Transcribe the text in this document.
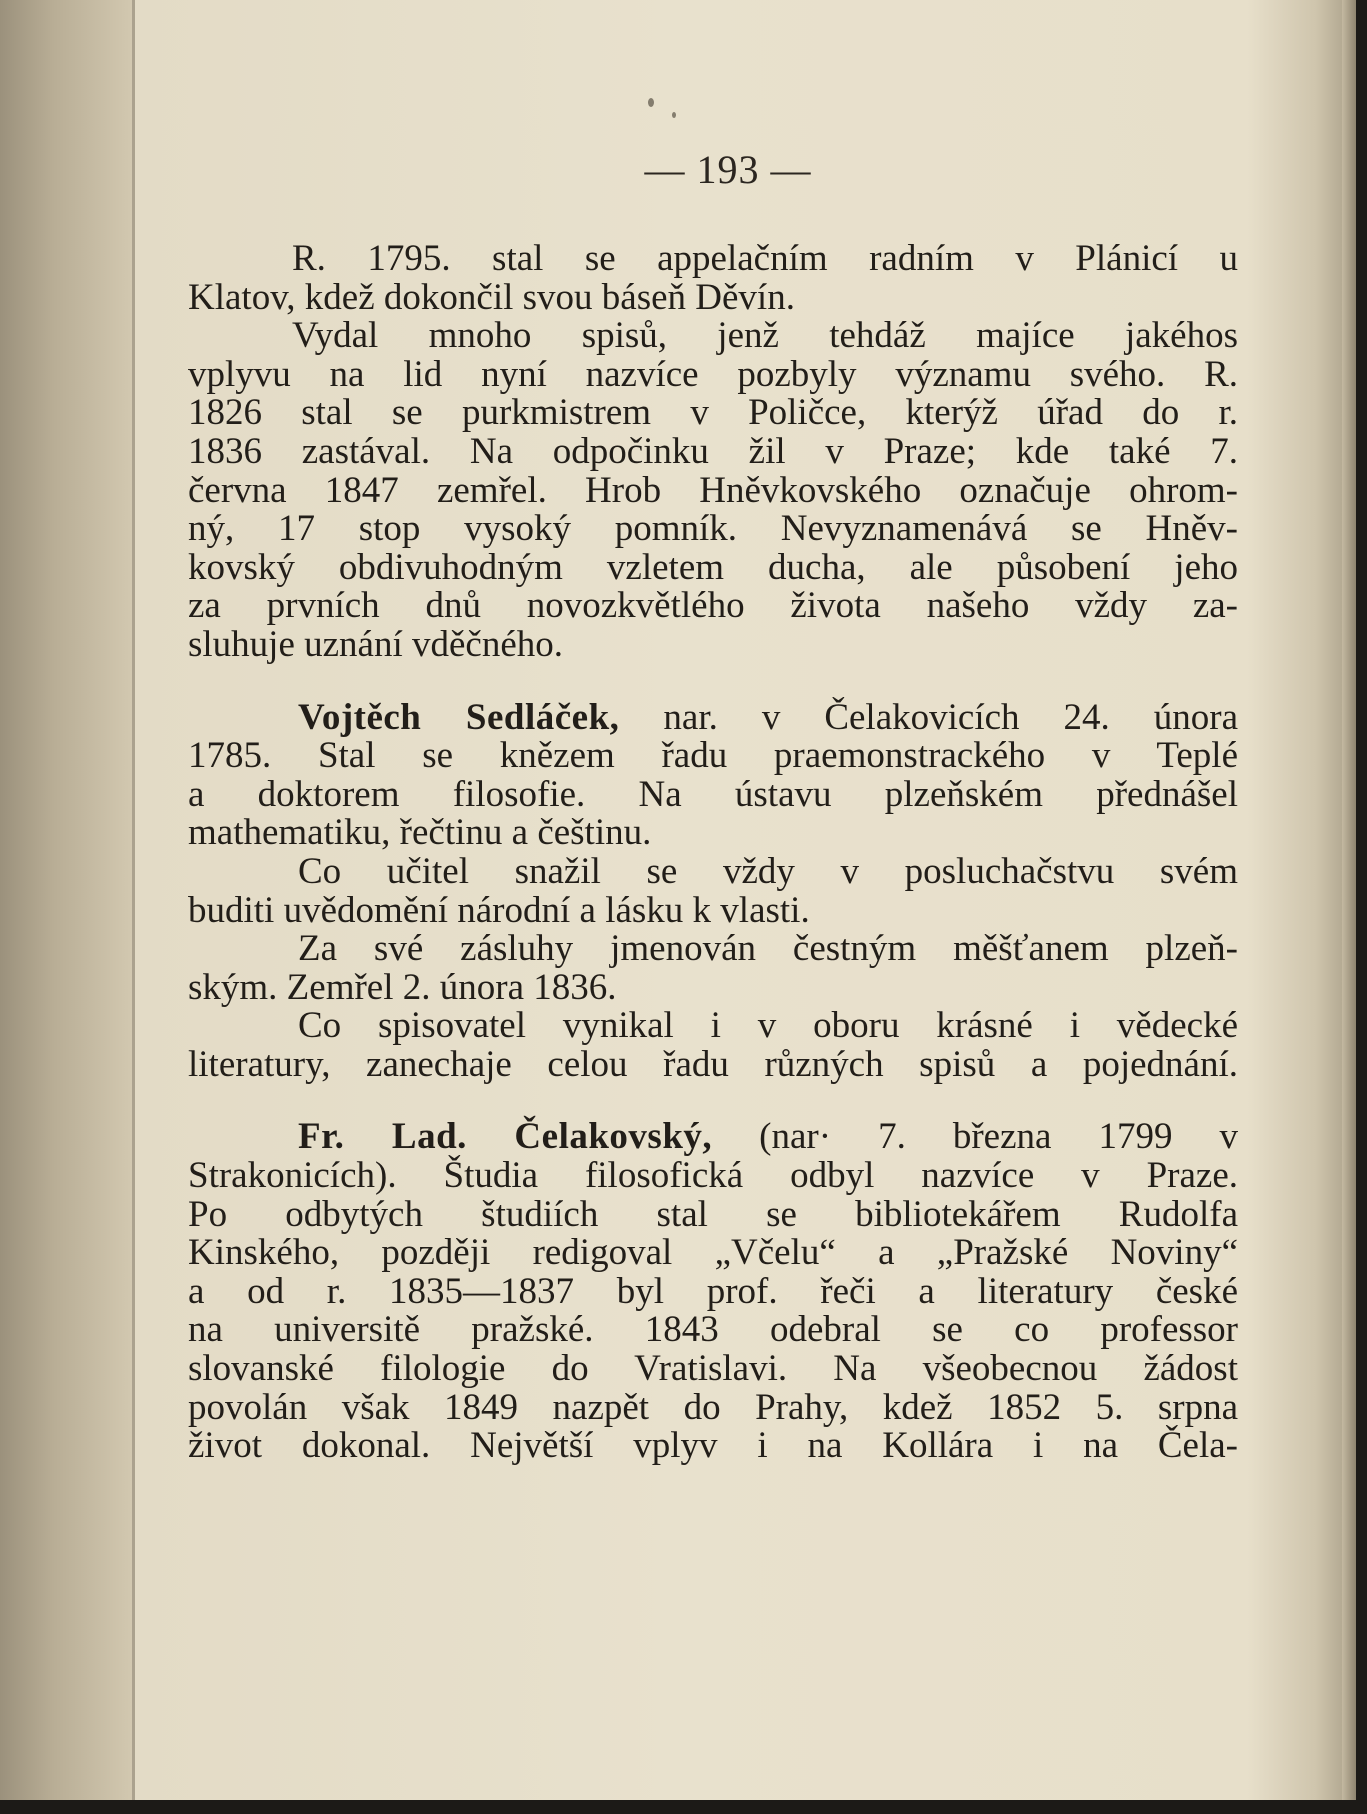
— 193 —
R. 1795. stal se appelačním radním v Plánicí u
Klatov, kdež dokončil svou báseň Děvín.
Vydal mnoho spisů, jenž tehdáž majíce jakéhos
vplyvu na lid nyní nazvíce pozbyly významu svého. R.
1826 stal se purkmistrem v Poličce, kterýž úřad do r.
1836 zastával. Na odpočinku žil v Praze; kde také 7.
června 1847 zemřel. Hrob Hněvkovského označuje ohrom-
ný, 17 stop vysoký pomník. Nevyznamenává se Hněv-
kovský obdivuhodným vzletem ducha, ale působení jeho
za prvních dnů novozkvětlého života našeho vždy za-
sluhuje uznání vděčného.
Vojtěch Sedláček, nar. v Čelakovicích 24. února
1785. Stal se knězem řadu praemonstrackého v Teplé
a doktorem filosofie. Na ústavu plzeňském přednášel
mathematiku, řečtinu a češtinu.
Co učitel snažil se vždy v posluchačstvu svém
buditi uvědomění národní a lásku k vlasti.
Za své zásluhy jmenován čestným měšťanem plzeň-
ským. Zemřel 2. února 1836.
Co spisovatel vynikal i v oboru krásné i vědecké
literatury, zanechaje celou řadu různých spisů a pojednání.
Fr. Lad. Čelakovský, (nar· 7. března 1799 v
Strakonicích). Študia filosofická odbyl nazvíce v Praze.
Po odbytých študiích stal se bibliotekářem Rudolfa
Kinského, později redigoval „Včelu“ a „Pražské Noviny“
a od r. 1835—1837 byl prof. řeči a literatury české
na universitě pražské. 1843 odebral se co professor
slovanské filologie do Vratislavi. Na všeobecnou žádost
povolán však 1849 nazpět do Prahy, kdež 1852 5. srpna
život dokonal. Největší vplyv i na Kollára i na Čela-
